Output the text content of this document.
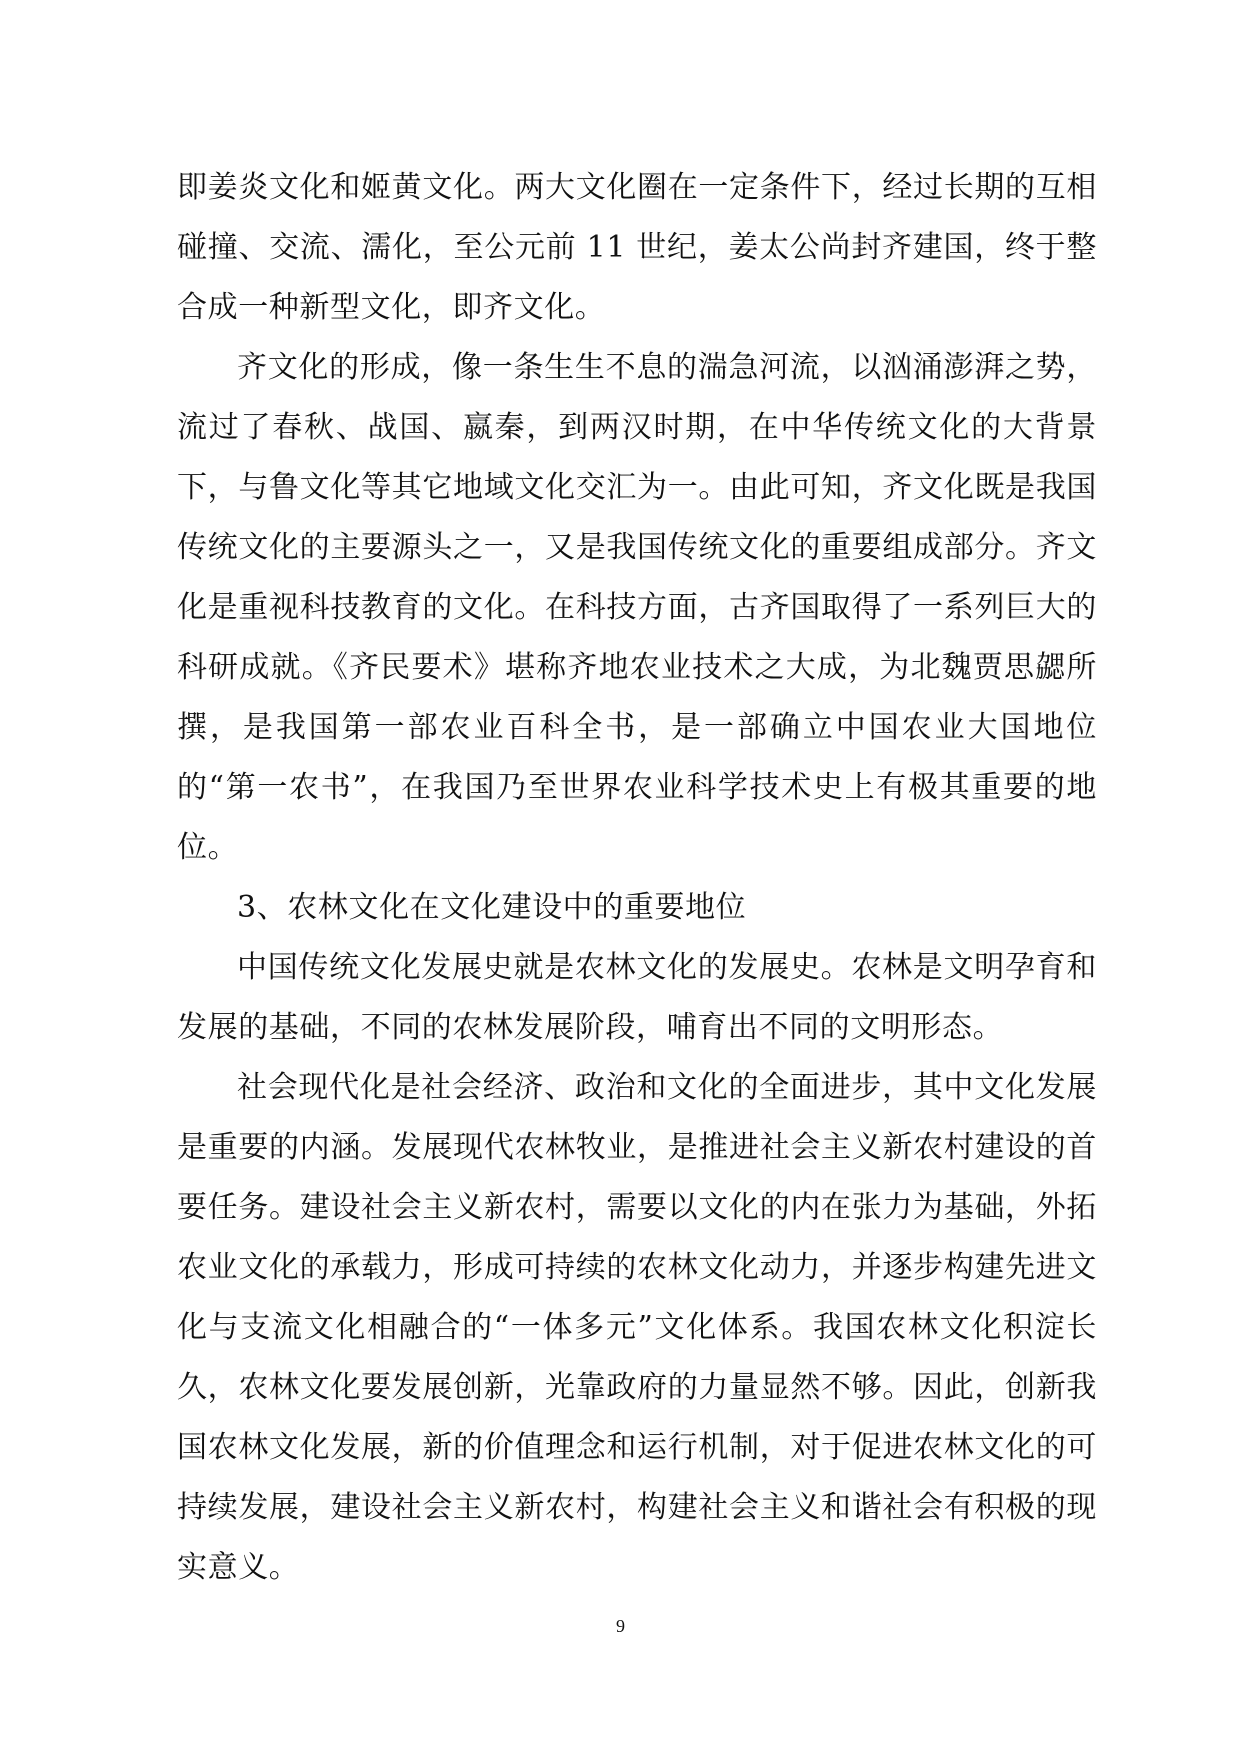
即姜炎文化和姬黄文化。两大文化圈在一定条件下，经过长期的互相碰撞、交流、濡化，至公元前 11 世纪，姜太公尚封齐建国，终于整合成一种新型文化，即齐文化。

齐文化的形成，像一条生生不息的湍急河流，以汹涌澎湃之势，流过了春秋、战国、嬴秦，到两汉时期，在中华传统文化的大背景下，与鲁文化等其它地域文化交汇为一。由此可知，齐文化既是我国传统文化的主要源头之一，又是我国传统文化的重要组成部分。齐文化是重视科技教育的文化。在科技方面，古齐国取得了一系列巨大的科研成就。《齐民要术》堪称齐地农业技术之大成，为北魏贾思勰所撰，是我国第一部农业百科全书，是一部确立中国农业大国地位的“第一农书”，在我国乃至世界农业科学技术史上有极其重要的地位。

3、农林文化在文化建设中的重要地位

中国传统文化发展史就是农林文化的发展史。农林是文明孕育和发展的基础，不同的农林发展阶段，哺育出不同的文明形态。

社会现代化是社会经济、政治和文化的全面进步，其中文化发展是重要的内涵。发展现代农林牧业，是推进社会主义新农村建设的首要任务。建设社会主义新农村，需要以文化的内在张力为基础，外拓农业文化的承载力，形成可持续的农林文化动力，并逐步构建先进文化与支流文化相融合的“一体多元”文化体系。我国农林文化积淀长久，农林文化要发展创新，光靠政府的力量显然不够。因此，创新我国农林文化发展，新的价值理念和运行机制，对于促进农林文化的可持续发展，建设社会主义新农村，构建社会主义和谐社会有积极的现实意义。

9
